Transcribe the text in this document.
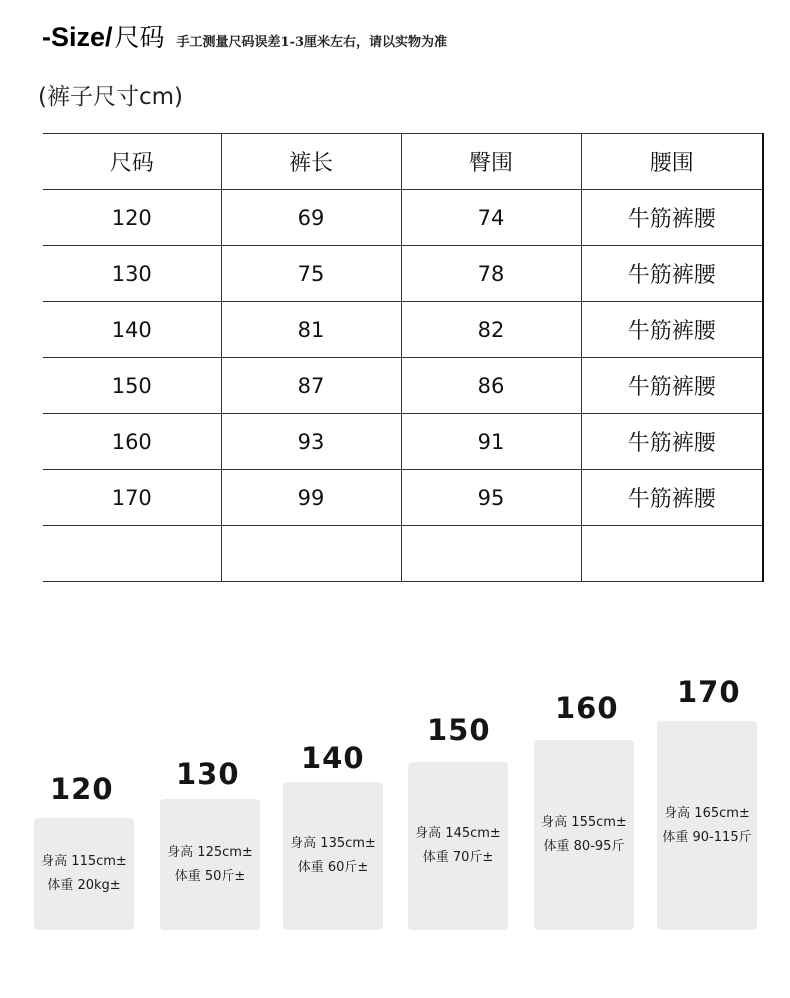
-Size/ 尺码 手工测量尺码误差1-3厘米左右，请以实物为准
(裤子尺寸cm)
尺码	裤长	臀围	腰围
120	69	74	牛筋裤腰
130	75	78	牛筋裤腰
140	81	82	牛筋裤腰
150	87	86	牛筋裤腰
160	93	91	牛筋裤腰
170	99	95	牛筋裤腰

120
身高 115cm±
体重 20kg±
130
身高 125cm±
体重 50斤±
140
身高 135cm±
体重 60斤±
150
身高 145cm±
体重 70斤±
160
身高 155cm±
体重 80-95斤
170
身高 165cm±
体重 90-115斤
